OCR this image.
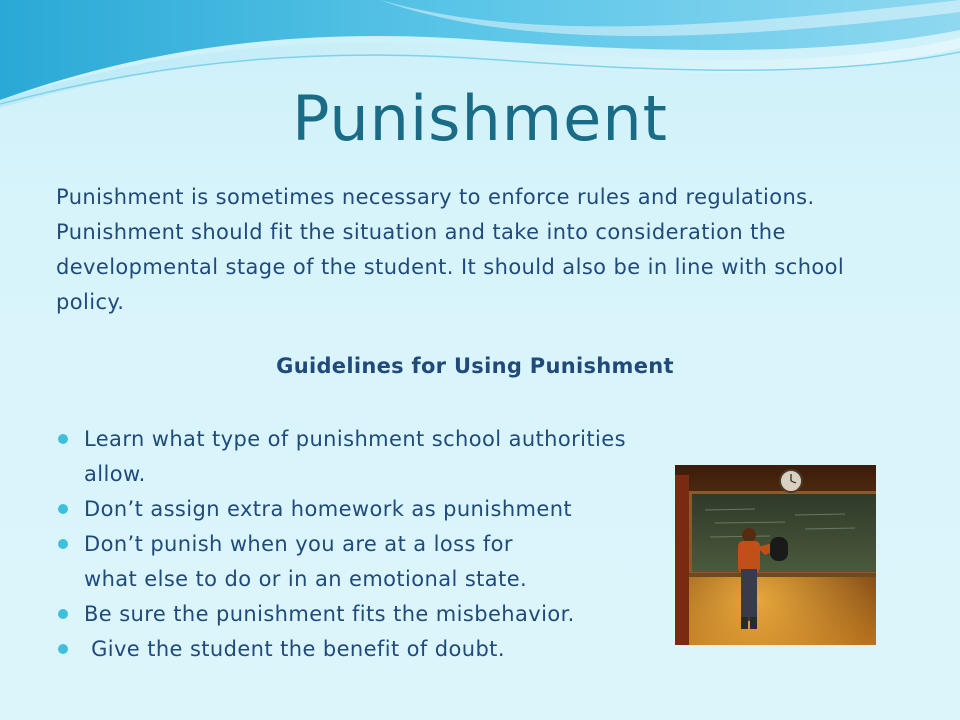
Punishment

Punishment is sometimes necessary to enforce rules and regulations. Punishment should fit the situation and take into consideration the developmental stage of the student. It should also be in line with school policy.

Guidelines for Using Punishment

Learn what type of punishment school authorities allow.
Don’t assign extra homework as punishment
Don’t punish when you are at a loss for
what else to do or in an emotional state.
Be sure the punishment fits the misbehavior.
Give the student the benefit of doubt.
